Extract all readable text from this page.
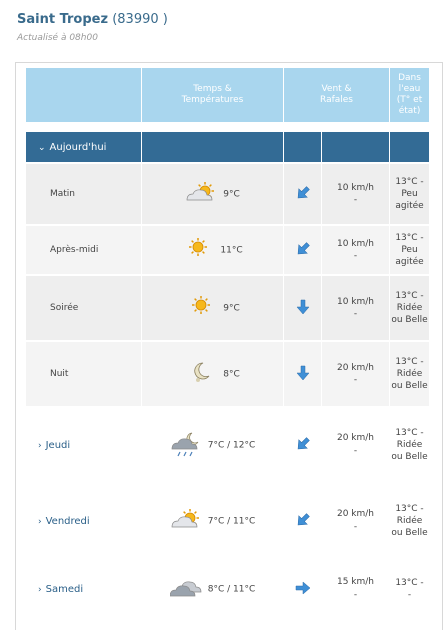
Saint Tropez (83990 )
Actualisé à 08h00
	Temps & Températures	Vent & Rafales		Dans
l'eau
(T° et
état)

⌄ Aujourd'hui				
Matin	9°C		10 km/h
-	13°C -
Peu agitée
Après-midi	11°C		10 km/h
-	13°C -
Peu agitée
Soirée	9°C		10 km/h
-	13°C -
Ridée ou Belle
Nuit	8°C		20 km/h
-	13°C -
Ridée ou Belle
› Jeudi	7°C / 12°C		20 km/h
-	13°C -
Ridée ou Belle
› Vendredi	7°C / 11°C		20 km/h
-	13°C -
Ridée ou Belle
› Samedi	8°C / 11°C		15 km/h
-	13°C -
-
